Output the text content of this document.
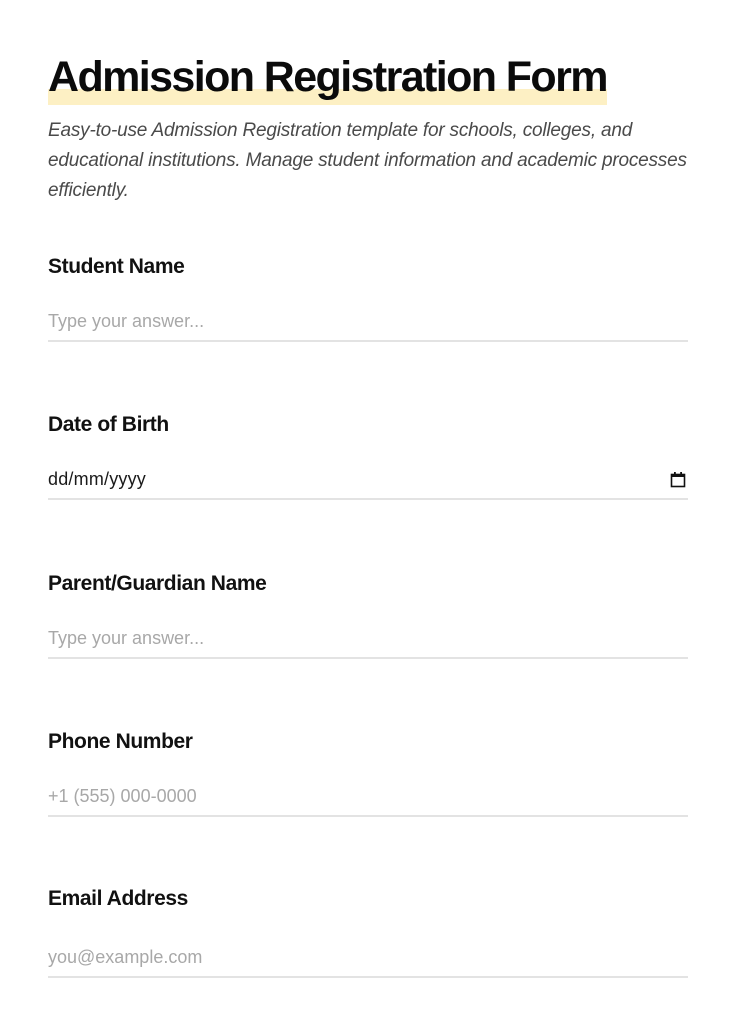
Admission Registration Form

Easy-to-use Admission Registration template for schools, colleges, and educational institutions. Manage student information and academic processes efficiently.

Student Name
Type your answer...
Date of Birth
dd/mm/yyyy
Parent/Guardian Name
Type your answer...
Phone Number
+1 (555) 000-0000
Email Address
you@example.com
